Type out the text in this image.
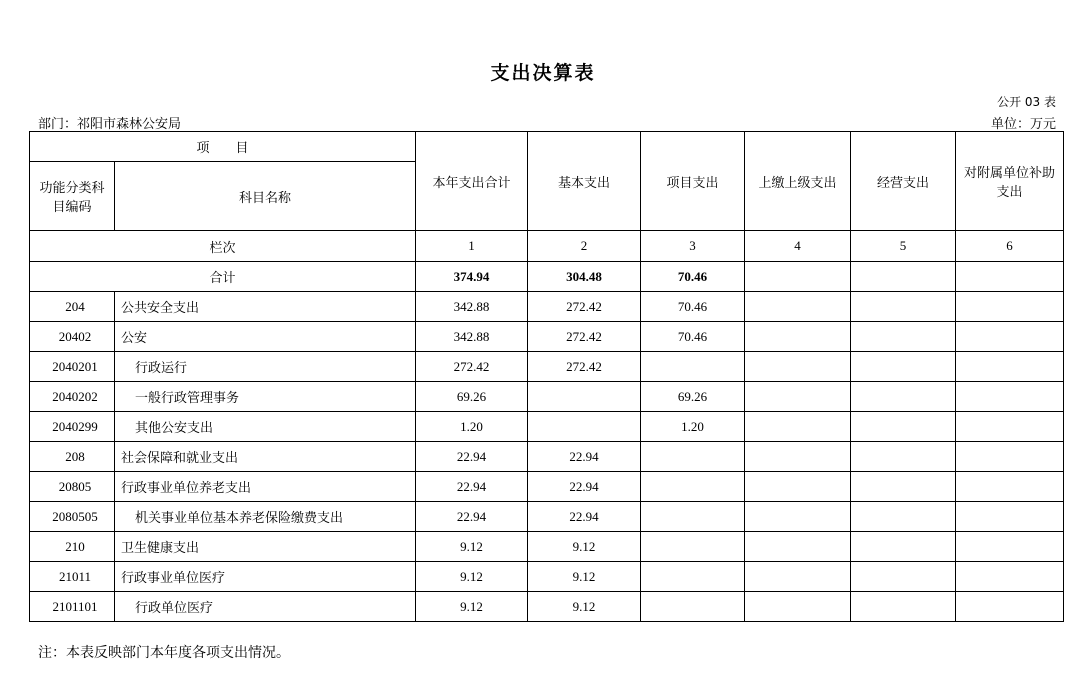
支出决算表
公开 03 表
部门：祁阳市森林公安局	单位：万元
项　　目		本年支出合计	基本支出	项目支出	上缴上级支出	经营支出	对附属单位补助支出
功能分类科目编码	科目名称						
栏次		1	2	3	4	5	6
合计		374.94	304.48	70.46			
204	公共安全支出	342.88	272.42	70.46			
20402	公安	342.88	272.42	70.46			
2040201	行政运行	272.42	272.42				
2040202	一般行政管理事务	69.26		69.26			
2040299	其他公安支出	1.20		1.20			
208	社会保障和就业支出	22.94	22.94				
20805	行政事业单位养老支出	22.94	22.94				
2080505	机关事业单位基本养老保险缴费支出	22.94	22.94				
210	卫生健康支出	9.12	9.12				
21011	行政事业单位医疗	9.12	9.12				
2101101	行政单位医疗	9.12	9.12				
注：本表反映部门本年度各项支出情况。
